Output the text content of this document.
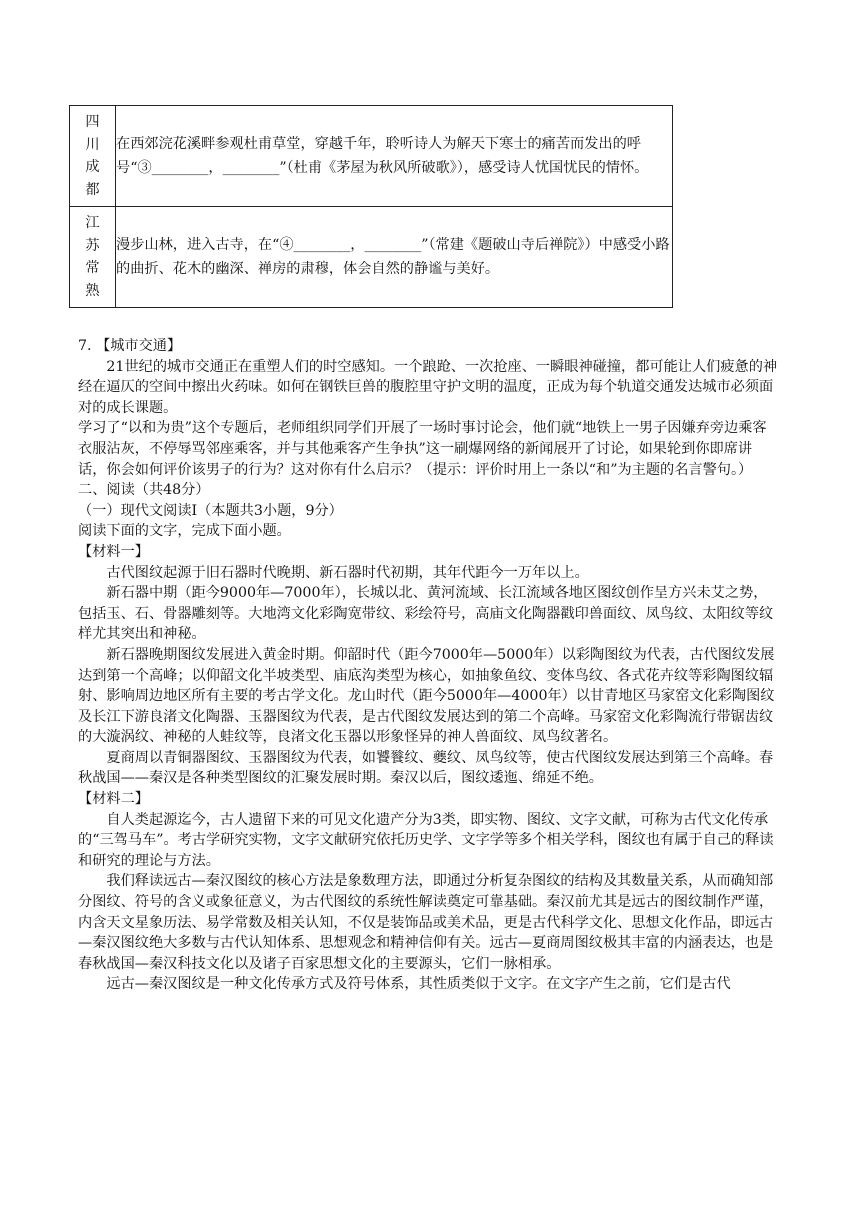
四
川
成
都	在西郊浣花溪畔参观杜甫草堂，穿越千年，聆听诗人为解天下寒士的痛苦而发出的呼号“③________，________”（杜甫《茅屋为秋风所破歌》），感受诗人忧国忧民的情怀。

江
苏
常
熟	漫步山林，进入古寺，在“④________，________”（常建《题破山寺后禅院》）中感受小路的曲折、花木的幽深、禅房的肃穆，体会自然的静谧与美好。

7. 【城市交通】

21世纪的城市交通正在重塑人们的时空感知。一个踉跄、一次抢座、一瞬眼神碰撞，都可能让人们疲惫的神经在逼仄的空间中擦出火药味。如何在钢铁巨兽的腹腔里守护文明的温度，正成为每个轨道交通发达城市必须面对的成长课题。

学习了“以和为贵”这个专题后，老师组织同学们开展了一场时事讨论会，他们就“地铁上一男子因嫌弃旁边乘客衣服沾灰，不停辱骂邻座乘客，并与其他乘客产生争执”这一刷爆网络的新闻展开了讨论，如果轮到你即席讲话，你会如何评价该男子的行为？这对你有什么启示？（提示：评价时用上一条以“和”为主题的名言警句。）

二、阅读（共48分）

（一）现代文阅读Ⅰ（本题共3小题，9分）

阅读下面的文字，完成下面小题。

【材料一】

古代图纹起源于旧石器时代晚期、新石器时代初期，其年代距今一万年以上。

新石器中期（距今9000年—7000年），长城以北、黄河流域、长江流域各地区图纹创作呈方兴未艾之势，包括玉、石、骨器雕刻等。大地湾文化彩陶宽带纹、彩绘符号，高庙文化陶器戳印兽面纹、凤鸟纹、太阳纹等纹样尤其突出和神秘。

新石器晚期图纹发展进入黄金时期。仰韶时代（距今7000年—5000年）以彩陶图纹为代表，古代图纹发展达到第一个高峰；以仰韶文化半坡类型、庙底沟类型为核心，如抽象鱼纹、变体鸟纹、各式花卉纹等彩陶图纹辐射、影响周边地区所有主要的考古学文化。龙山时代（距今5000年—4000年）以甘青地区马家窑文化彩陶图纹及长江下游良渚文化陶器、玉器图纹为代表，是古代图纹发展达到的第二个高峰。马家窑文化彩陶流行带锯齿纹的大漩涡纹、神秘的人蛙纹等，良渚文化玉器以形象怪异的神人兽面纹、凤鸟纹著名。

夏商周以青铜器图纹、玉器图纹为代表，如饕餮纹、夔纹、凤鸟纹等，使古代图纹发展达到第三个高峰。春秋战国——秦汉是各种类型图纹的汇聚发展时期。秦汉以后，图纹逶迤、绵延不绝。

【材料二】

自人类起源迄今，古人遗留下来的可见文化遗产分为3类，即实物、图纹、文字文献，可称为古代文化传承的“三驾马车”。考古学研究实物，文字文献研究依托历史学、文字学等多个相关学科，图纹也有属于自己的释读和研究的理论与方法。

我们释读远古—秦汉图纹的核心方法是象数理方法，即通过分析复杂图纹的结构及其数量关系，从而确知部分图纹、符号的含义或象征意义，为古代图纹的系统性解读奠定可靠基础。秦汉前尤其是远古的图纹制作严谨，内含天文星象历法、易学常数及相关认知，不仅是装饰品或美术品，更是古代科学文化、思想文化作品，即远古—秦汉图纹绝大多数与古代认知体系、思想观念和精神信仰有关。远古—夏商周图纹极其丰富的内涵表达，也是春秋战国—秦汉科技文化以及诸子百家思想文化的主要源头，它们一脉相承。

远古—秦汉图纹是一种文化传承方式及符号体系，其性质类似于文字。在文字产生之前，它们是古代
